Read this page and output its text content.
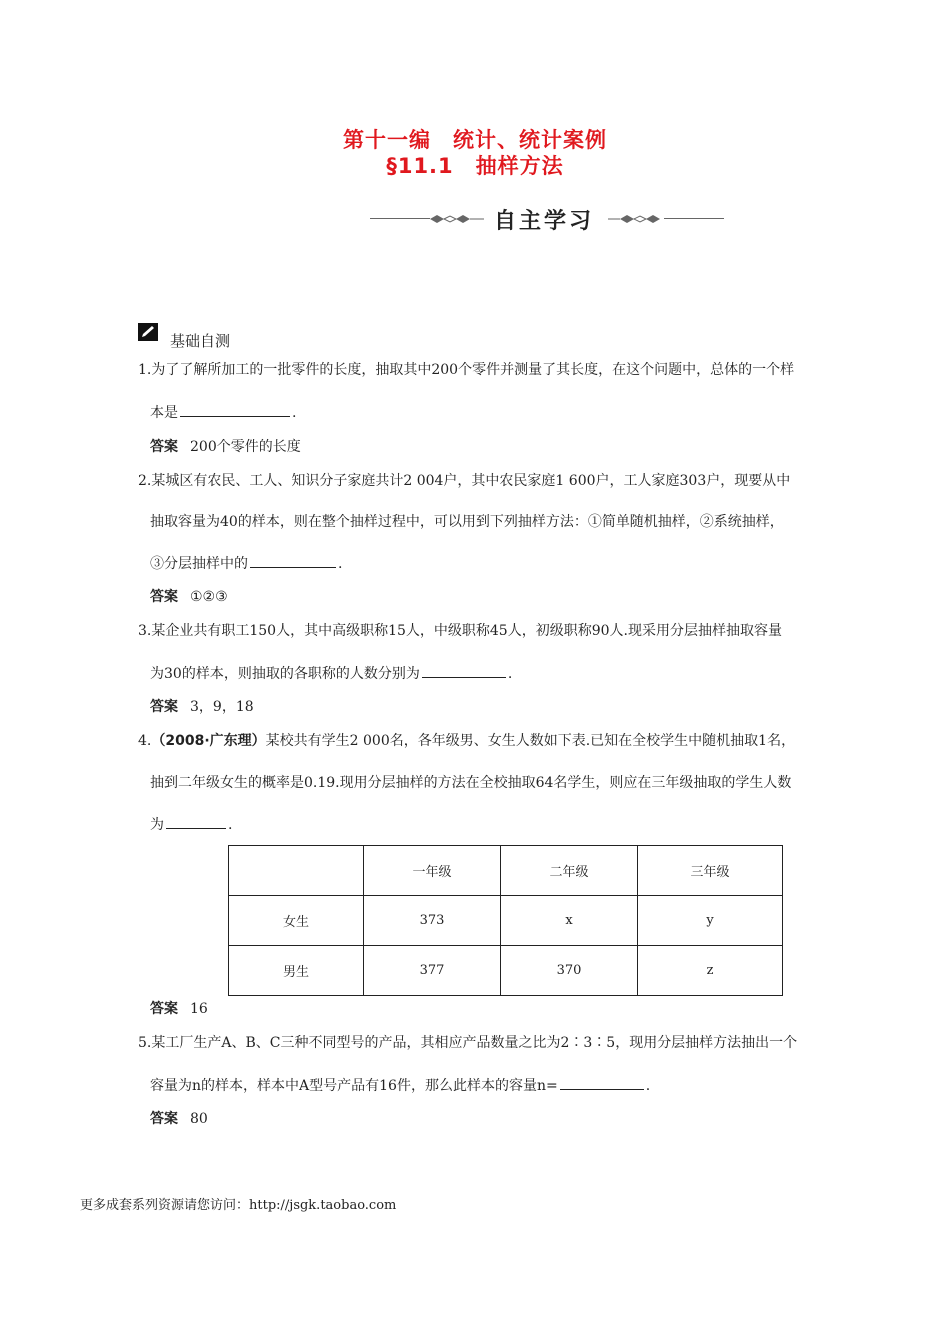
第十一编　统计、统计案例
§11.1　抽样方法
自主学习
基础自测
1.为了了解所加工的一批零件的长度，抽取其中200个零件并测量了其长度，在这个问题中，总体的一个样
本是	.
答案 200个零件的长度
2.某城区有农民、工人、知识分子家庭共计2 004户，其中农民家庭1 600户，工人家庭303户，现要从中
抽取容量为40的样本，则在整个抽样过程中，可以用到下列抽样方法：①简单随机抽样，②系统抽样，
③分层抽样中的	.
答案 ①②③
3.某企业共有职工150人，其中高级职称15人，中级职称45人，初级职称90人.现采用分层抽样抽取容量
为30的样本，则抽取的各职称的人数分别为	.
答案 3，9，18
4.（2008·广东理）某校共有学生2 000名，各年级男、女生人数如下表.已知在全校学生中随机抽取1名，
抽到二年级女生的概率是0.19.现用分层抽样的方法在全校抽取64名学生，则应在三年级抽取的学生人数
为	.
	一年级	二年级	三年级
女生	373	x	y
男生	377	370	z
答案 16
5.某工厂生产A、B、C三种不同型号的产品，其相应产品数量之比为2∶3∶5，现用分层抽样方法抽出一个
容量为n的样本，样本中A型号产品有16件，那么此样本的容量n=	.
答案 80
更多成套系列资源请您访问：http://jsgk.taobao.com
